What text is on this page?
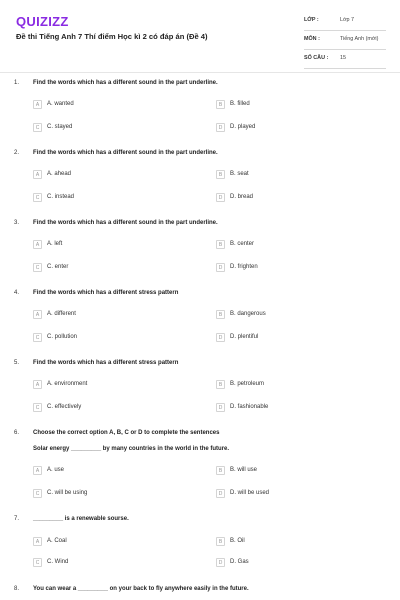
QUIZIZZ
Đề thi Tiếng Anh 7 Thí điểm Học kì 2 có đáp án (Đề 4)
LỚP :	Lớp 7
MÔN :	Tiếng Anh (mới)
SỐ CÂU : 15
1. Find the words which has a different sound in the part underline.
A	A. wanted	B	B. filled
C	C. stayed	D	D. played
2. Find the words which has a different sound in the part underline.
A	A. ahead	B	B. seat
C	C. instead	D	D. bread
3. Find the words which has a different sound in the part underline.
A	A. left	B	B. center
C	C. enter	D	D. frighten
4. Find the words which has a different stress pattern
A	A. different	B	B. dangerous
C	C. pollution	D	D. plentiful
5. Find the words which has a different stress pattern
A	A. environment	B	B. petroleum
C	C. effectively	D	D. fashionable
6. Choose the correct option A, B, C or D to complete the sentences
Solar energy _________ by many countries in the world in the future.
A	A. use	B	B. will use
C	C. will be using	D	D. will be used
7. _________ is a renewable sourse.
A	A. Coal	B	B. Oil
C	C. Wind	D	D. Gas
8. You can wear a _________ on your back to fly anywhere easily in the future.
